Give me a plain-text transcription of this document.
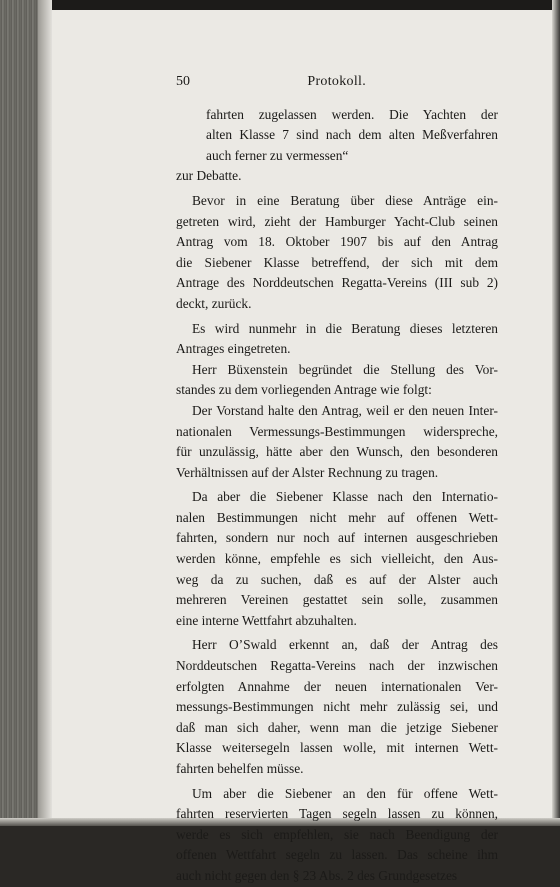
50	Protokoll.
fahrten zugelassen werden. Die Yachten der
alten Klasse 7 sind nach dem alten Meßverfahren
auch ferner zu vermessen“
zur Debatte.
Bevor in eine Beratung über diese Anträge ein-
getreten wird, zieht der Hamburger Yacht-Club seinen
Antrag vom 18. Oktober 1907 bis auf den Antrag
die Siebener Klasse betreffend, der sich mit dem
Antrage des Norddeutschen Regatta-Vereins (III sub 2)
deckt, zurück.
Es wird nunmehr in die Beratung dieses letzteren
Antrages eingetreten.
Herr Büxenstein begründet die Stellung des Vor-
standes zu dem vorliegenden Antrage wie folgt:
Der Vorstand halte den Antrag, weil er den neuen Inter-
nationalen Vermessungs-Bestimmungen widerspreche,
für unzulässig, hätte aber den Wunsch, den besonderen
Verhältnissen auf der Alster Rechnung zu tragen.
Da aber die Siebener Klasse nach den Internatio-
nalen Bestimmungen nicht mehr auf offenen Wett-
fahrten, sondern nur noch auf internen ausgeschrieben
werden könne, empfehle es sich vielleicht, den Aus-
weg da zu suchen, daß es auf der Alster auch
mehreren Vereinen gestattet sein solle, zusammen
eine interne Wettfahrt abzuhalten.
Herr O’Swald erkennt an, daß der Antrag des
Norddeutschen Regatta-Vereins nach der inzwischen
erfolgten Annahme der neuen internationalen Ver-
messungs-Bestimmungen nicht mehr zulässig sei, und
daß man sich daher, wenn man die jetzige Siebener
Klasse weitersegeln lassen wolle, mit internen Wett-
fahrten behelfen müsse.
Um aber die Siebener an den für offene Wett-
fahrten reservierten Tagen segeln lassen zu können,
werde es sich empfehlen, sie nach Beendigung der
offenen Wettfahrt segeln zu lassen. Das scheine ihm
auch nicht gegen den § 23 Abs. 2 des Grundgesetzes
